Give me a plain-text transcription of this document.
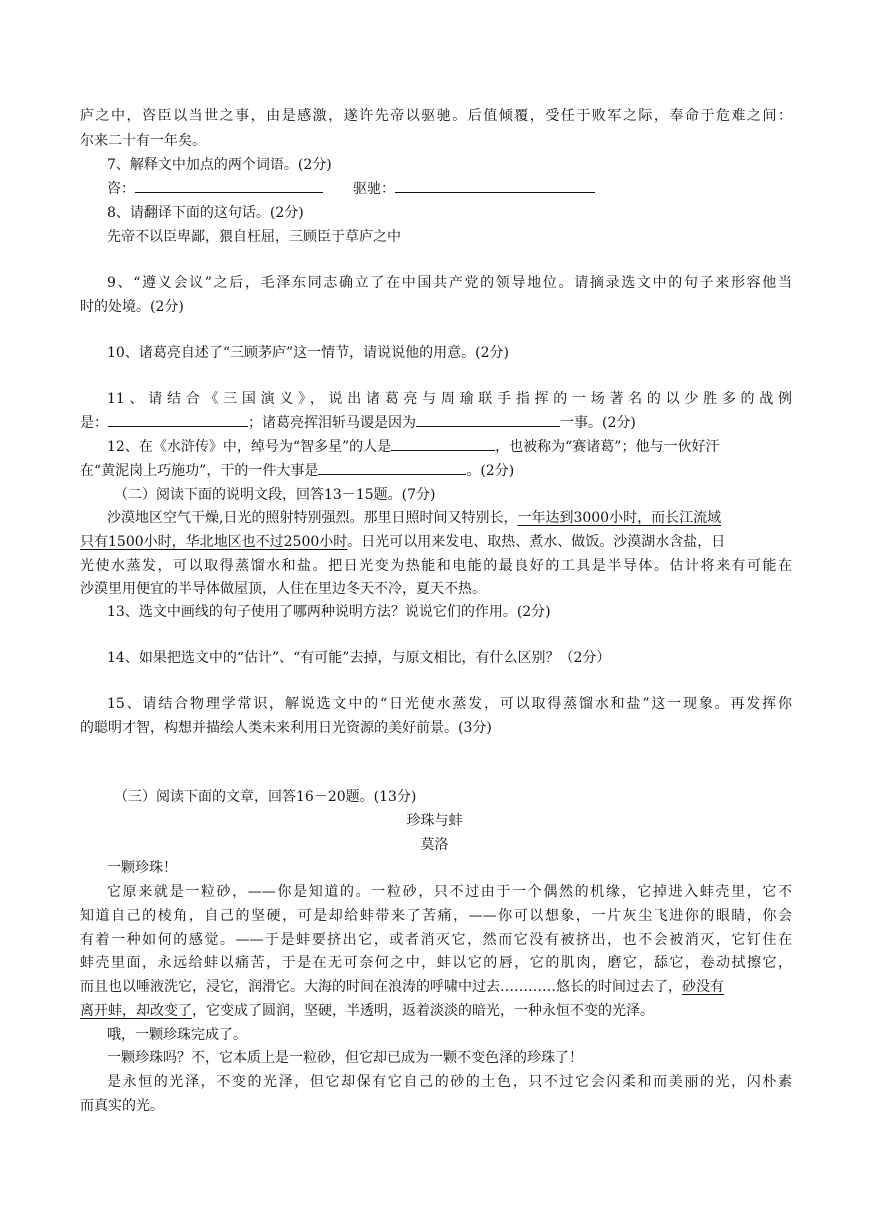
庐之中，咨臣以当世之事，由是感激，遂许先帝以驱驰。后值倾覆，受任于败军之际，奉命于危难之间：
尔来二十有一年矣。
7、解释文中加点的两个词语。(2分)
咨：	驱驰：
8、请翻译下面的这句话。(2分)
先帝不以臣卑鄙，猥自枉屈，三顾臣于草庐之中
9、“遵义会议”之后，毛泽东同志确立了在中国共产党的领导地位。请摘录选文中的句子来形容他当
时的处境。(2分)
10、诸葛亮自述了“三顾茅庐”这一情节，请说说他的用意。(2分)
11、请结合《三国演义》，说出诸葛亮与周瑜联手指挥的一场著名的以少胜多的战例
是：	；诸葛亮挥泪斩马谡是因为	一事。(2分)
12、在《水浒传》中，绰号为“智多星”的人是	，也被称为“赛诸葛”；他与一伙好汗
在“黄泥岗上巧施功”，干的一件大事是	。(2分)
（二）阅读下面的说明文段，回答13－15题。(7分)
沙漠地区空气干燥,日光的照射特别强烈。那里日照时间又特别长，一年达到3000小时，而长江流域
只有1500小时，华北地区也不过2500小时。日光可以用来发电、取热、煮水、做饭。沙漠湖水含盐，日
光使水蒸发，可以取得蒸馏水和盐。把日光变为热能和电能的最良好的工具是半导体。估计将来有可能在
沙漠里用便宜的半导体做屋顶，人住在里边冬天不冷，夏天不热。
13、选文中画线的句子使用了哪两种说明方法？说说它们的作用。(2分)
14、如果把选文中的“估计”、“有可能”去掉，与原文相比，有什么区别？（2分）
15、请结合物理学常识，解说选文中的“日光使水蒸发，可以取得蒸馏水和盐”这一现象。再发挥你
的聪明才智，构想并描绘人类未来利用日光资源的美好前景。(3分)
（三）阅读下面的文章，回答16－20题。(13分)
珍珠与蚌
莫洛
一颗珍珠！
它原来就是一粒砂，——你是知道的。一粒砂，只不过由于一个偶然的机缘，它掉进入蚌壳里，它不
知道自己的棱角，自己的坚硬，可是却给蚌带来了苦痛，——你可以想象，一片灰尘飞进你的眼睛，你会
有着一种如何的感觉。——于是蚌要挤出它，或者消灭它，然而它没有被挤出，也不会被消灭，它钉住在
蚌壳里面，永远给蚌以痛苦，于是在无可奈何之中，蚌以它的唇，它的肌肉，磨它，舔它，卷动拭擦它，
而且也以唾液洗它，浸它，润滑它。大海的时间在浪涛的呼啸中过去…………悠长的时间过去了，砂没有
离开蚌，却改变了，它变成了圆润，坚硬，半透明，返着淡淡的暗光，一种永恒不变的光泽。
哦，一颗珍珠完成了。
一颗珍珠吗？不，它本质上是一粒砂，但它却已成为一颗不变色泽的珍珠了！
是永恒的光泽，不变的光泽，但它却保有它自己的砂的土色，只不过它会闪柔和而美丽的光，闪朴素
而真实的光。
